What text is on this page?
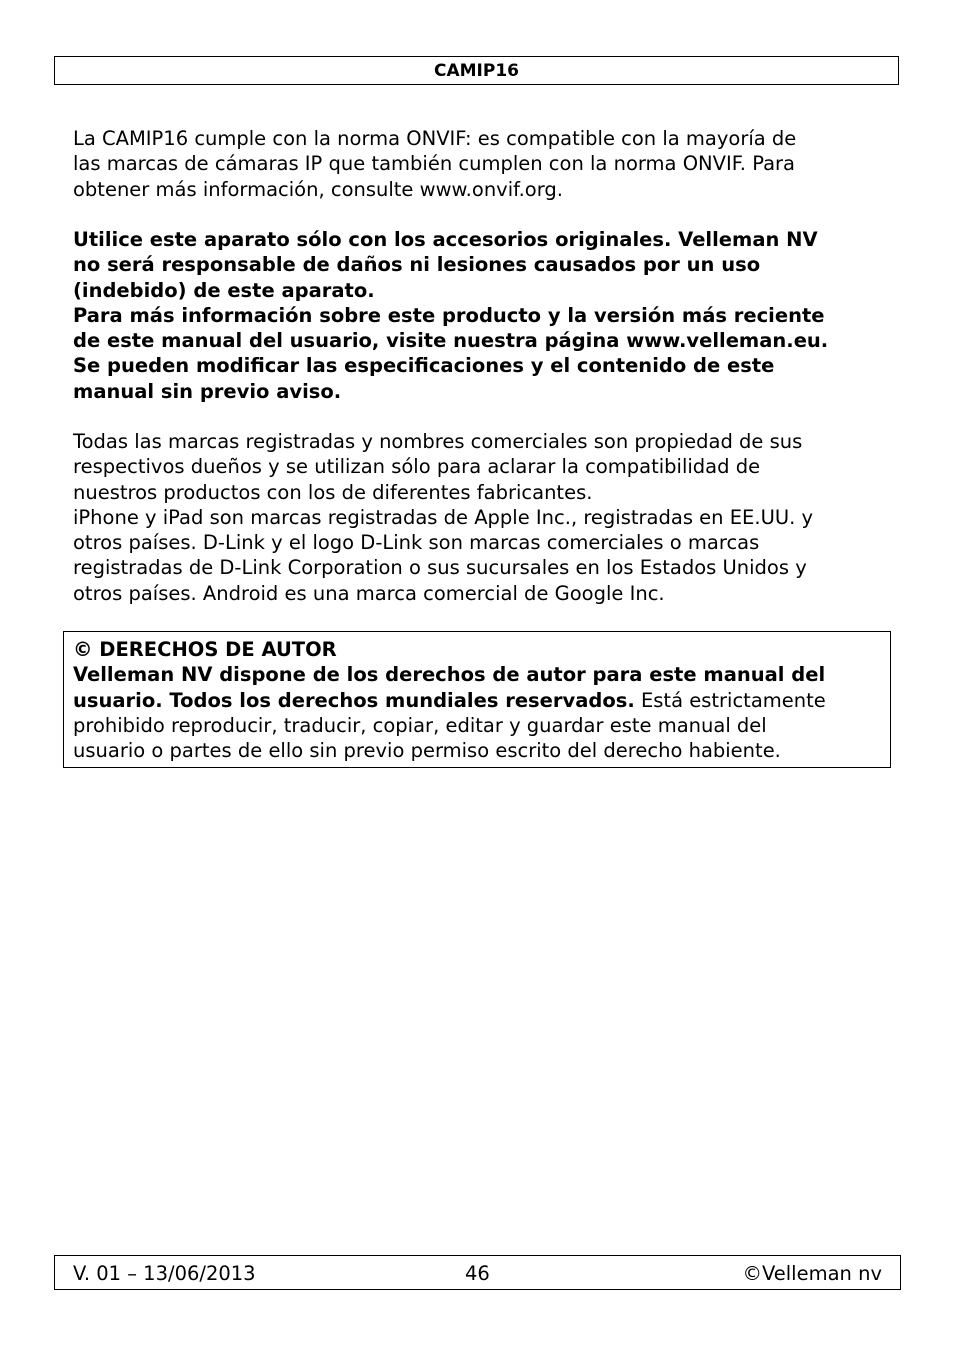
CAMIP16
La CAMIP16 cumple con la norma ONVIF: es compatible con la mayoría de
las marcas de cámaras IP que también cumplen con la norma ONVIF. Para
obtener más información, consulte www.onvif.org.
Utilice este aparato sólo con los accesorios originales. Velleman NV
no será responsable de daños ni lesiones causados por un uso
(indebido) de este aparato.
Para más información sobre este producto y la versión más reciente
de este manual del usuario, visite nuestra página www.velleman.eu.
Se pueden modificar las especificaciones y el contenido de este
manual sin previo aviso.
Todas las marcas registradas y nombres comerciales son propiedad de sus
respectivos dueños y se utilizan sólo para aclarar la compatibilidad de
nuestros productos con los de diferentes fabricantes.
iPhone y iPad son marcas registradas de Apple Inc., registradas en EE.UU. y
otros países. D-Link y el logo D-Link son marcas comerciales o marcas
registradas de D-Link Corporation o sus sucursales en los Estados Unidos y
otros países. Android es una marca comercial de Google Inc.
© DERECHOS DE AUTOR
Velleman NV dispone de los derechos de autor para este manual del
usuario. Todos los derechos mundiales reservados. Está estrictamente
prohibido reproducir, traducir, copiar, editar y guardar este manual del
usuario o partes de ello sin previo permiso escrito del derecho habiente.
V. 01 – 13/06/2013	46	©Velleman nv
